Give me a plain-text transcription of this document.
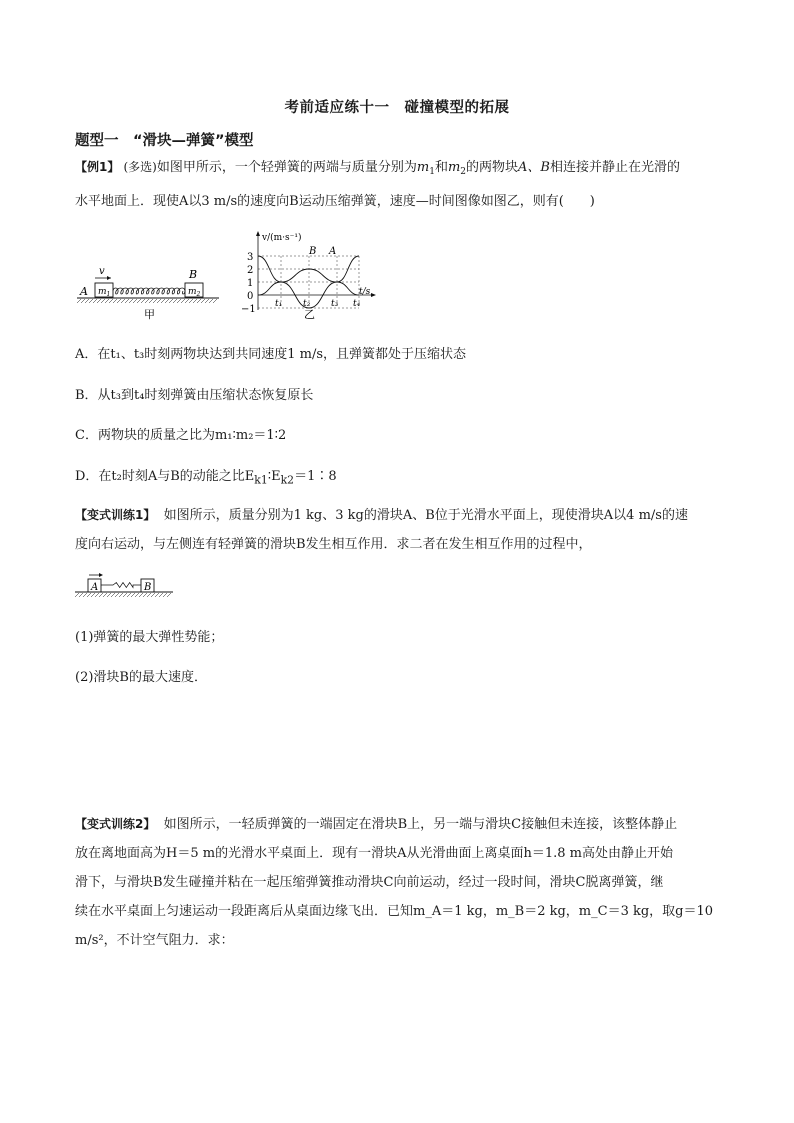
考前适应练十一　碰撞模型的拓展
题型一　“滑块—弹簧”模型
【例1】 (多选)如图甲所示，一个轻弹簧的两端与质量分别为$m_1$和$m_2$的两物块A、B相连接并静止在光滑的
水平地面上．现使A以3 m/s的速度向B运动压缩弹簧，速度—时间图像如图乙，则有(　　)
v
A $m_1$
B
$m_2$
甲
v/(m·s⁻¹)
t/s
3
2
1
0
−1 t₁ t₂ t₃ t₄
B A
乙
A．在t₁、t₃时刻两物块达到共同速度1 m/s，且弹簧都处于压缩状态
B．从t₃到t₄时刻弹簧由压缩状态恢复原长
C．两物块的质量之比为m₁∶m₂＝1∶2
D．在t₂时刻A与B的动能之比$E_{k1}∶E_{k2}=1∶8$
【变式训练1】 如图所示，质量分别为1 kg、3 kg的滑块A、B位于光滑水平面上，现使滑块A以4 m/s的速
度向右运动，与左侧连有轻弹簧的滑块B发生相互作用．求二者在发生相互作用的过程中，
A	B
(1)弹簧的最大弹性势能；
(2)滑块B的最大速度．
【变式训练2】 如图所示，一轻质弹簧的一端固定在滑块B上，另一端与滑块C接触但未连接，该整体静止
放在离地面高为H＝5 m的光滑水平桌面上．现有一滑块A从光滑曲面上离桌面h＝1.8 m高处由静止开始
滑下，与滑块B发生碰撞并粘在一起压缩弹簧推动滑块C向前运动，经过一段时间，滑块C脱离弹簧，继
续在水平桌面上匀速运动一段距离后从桌面边缘飞出．已知m_A＝1 kg，m_B＝2 kg，m_C＝3 kg，取g＝10
m/s²，不计空气阻力．求：
